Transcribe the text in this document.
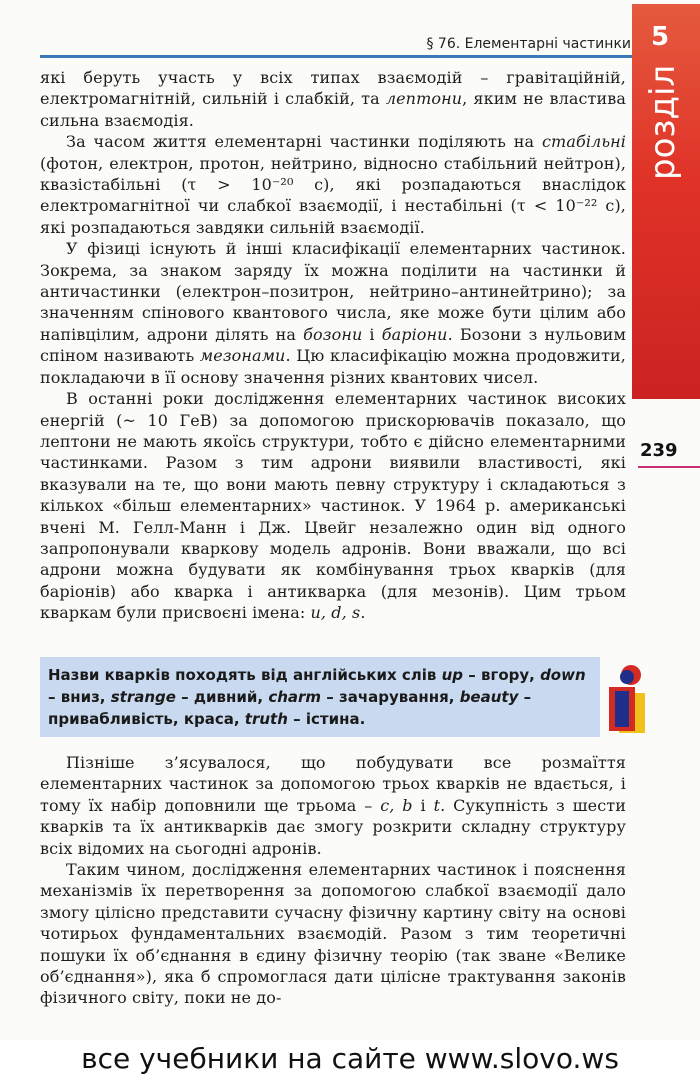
§ 76. Елементарні частинки 5
розділ
239

які беруть участь у всіх типах взаємодій – гравітаційній, електромагнітній, сильній і слабкій, та лептони, яким не властива сильна взаємодія.

За часом життя елементарні частинки поділяють на стабільні (фотон, електрон, протон, нейтрино, відносно стабільний нейтрон), квазістабільні (τ > 10⁻²⁰ с), які розпадаються внаслідок електромагнітної чи слабкої взаємодії, і нестабільні (τ < 10⁻²² с), які розпадаються завдяки сильній взаємодії.

У фізиці існують й інші класифікації елементарних частинок. Зокрема, за знаком заряду їх можна поділити на частинки й античастинки (електрон–позитрон, нейтрино–антинейтрино); за значенням спінового квантового числа, яке може бути цілим або напівцілим, адрони ділять на бозони і баріони. Бозони з нульовим спіном називають мезонами. Цю класифікацію можна продовжити, покладаючи в її основу значення різних квантових чисел.

В останні роки дослідження елементарних частинок високих енергій (~ 10 ГеВ) за допомогою прискорювачів показало, що лептони не мають якоїсь структури, тобто є дійсно елементарними частинками. Разом з тим адрони виявили властивості, які вказували на те, що вони мають певну структуру і складаються з кількох «більш елементарних» частинок. У 1964 р. американські вчені М. Гелл-Манн і Дж. Цвейг незалежно один від одного запропонували кваркову модель адронів. Вони вважали, що всі адрони можна будувати як комбінування трьох кварків (для баріонів) або кварка і антикварка (для мезонів). Цим трьом кваркам були присвоєні імена: u, d, s.

Назви кварків походять від англійських слів up – вгору, down – вниз, strange – дивний, charm – зачарування, beauty – привабливість, краса, truth – істина.

Пізніше з’ясувалося, що побудувати все розмаїття елементарних частинок за допомогою трьох кварків не вдається, і тому їх набір доповнили ще трьома – c, b і t. Сукупність з шести кварків та їх антикварків дає змогу розкрити складну структуру всіх відомих на сьогодні адронів.

Таким чином, дослідження елементарних частинок і пояснення механізмів їх перетворення за допомогою слабкої взаємодії дало змогу цілісно представити сучасну фізичну картину світу на основі чотирьох фундаментальних взаємодій. Разом з тим теоретичні пошуки їх об’єднання в єдину фізичну теорію (так зване «Велике об’єднання»), яка б спромоглася дати цілісне трактування законів фізичного світу, поки не до-

все учебники на сайте www.slovo.ws
